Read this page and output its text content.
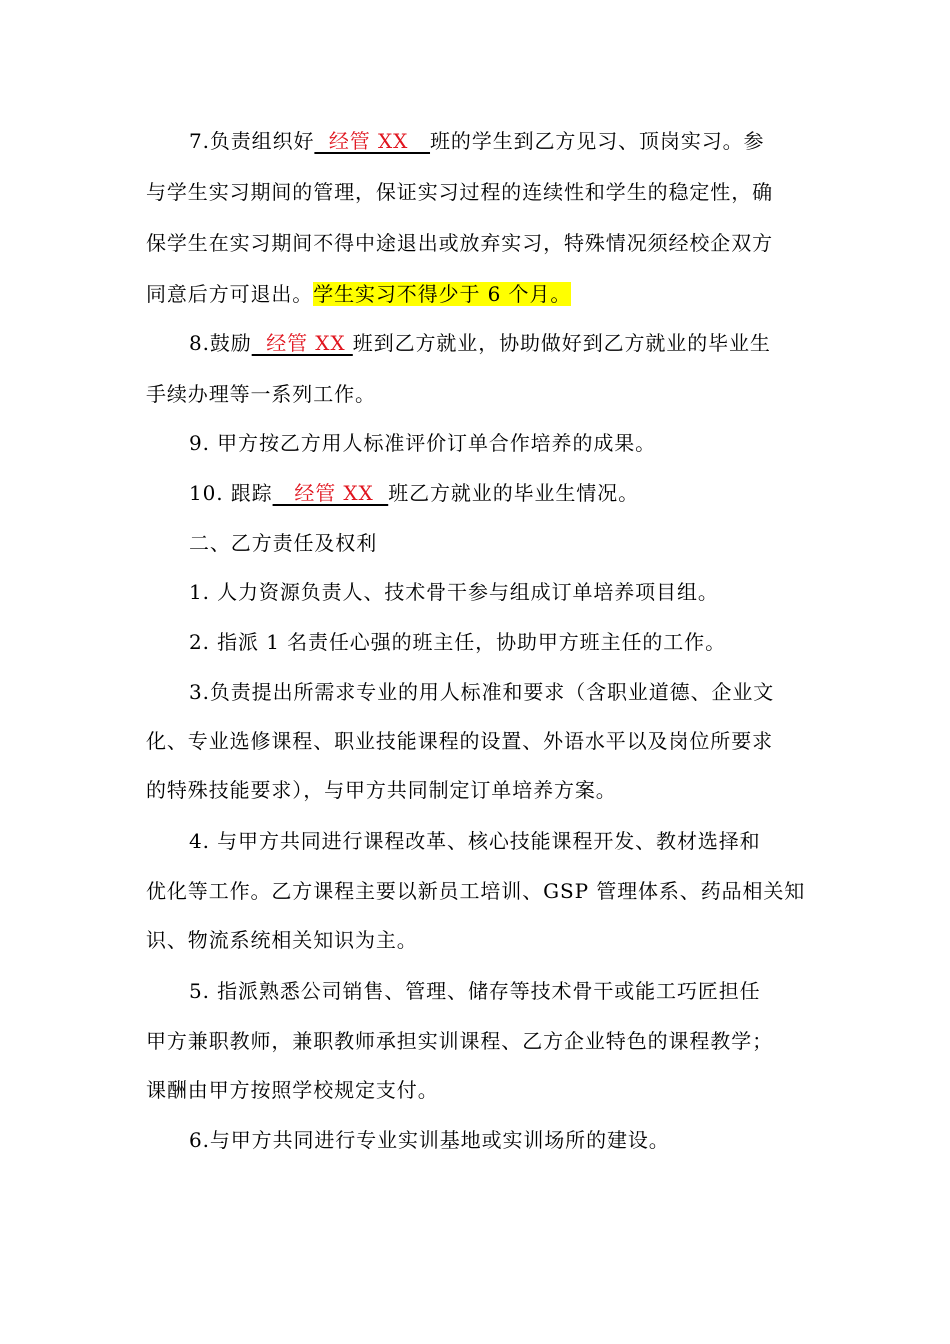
7.负责组织好  经管 XX   班的学生到乙方见习、顶岗实习。参
与学生实习期间的管理，保证实习过程的连续性和学生的稳定性，确
保学生在实习期间不得中途退出或放弃实习，特殊情况须经校企双方
同意后方可退出。学生实习不得少于 6 个月。
8.鼓励  经管 XX 班到乙方就业，协助做好到乙方就业的毕业生
手续办理等一系列工作。
9. 甲方按乙方用人标准评价订单合作培养的成果。
10. 跟踪   经管 XX  班乙方就业的毕业生情况。
二、乙方责任及权利
1. 人力资源负责人、技术骨干参与组成订单培养项目组。
2. 指派 1 名责任心强的班主任，协助甲方班主任的工作。
3.负责提出所需求专业的用人标准和要求（含职业道德、企业文
化、专业选修课程、职业技能课程的设置、外语水平以及岗位所要求
的特殊技能要求），与甲方共同制定订单培养方案。
4. 与甲方共同进行课程改革、核心技能课程开发、教材选择和
优化等工作。乙方课程主要以新员工培训、GSP 管理体系、药品相关知
识、物流系统相关知识为主。
5. 指派熟悉公司销售、管理、储存等技术骨干或能工巧匠担任
甲方兼职教师，兼职教师承担实训课程、乙方企业特色的课程教学；
课酬由甲方按照学校规定支付。
6.与甲方共同进行专业实训基地或实训场所的建设。
